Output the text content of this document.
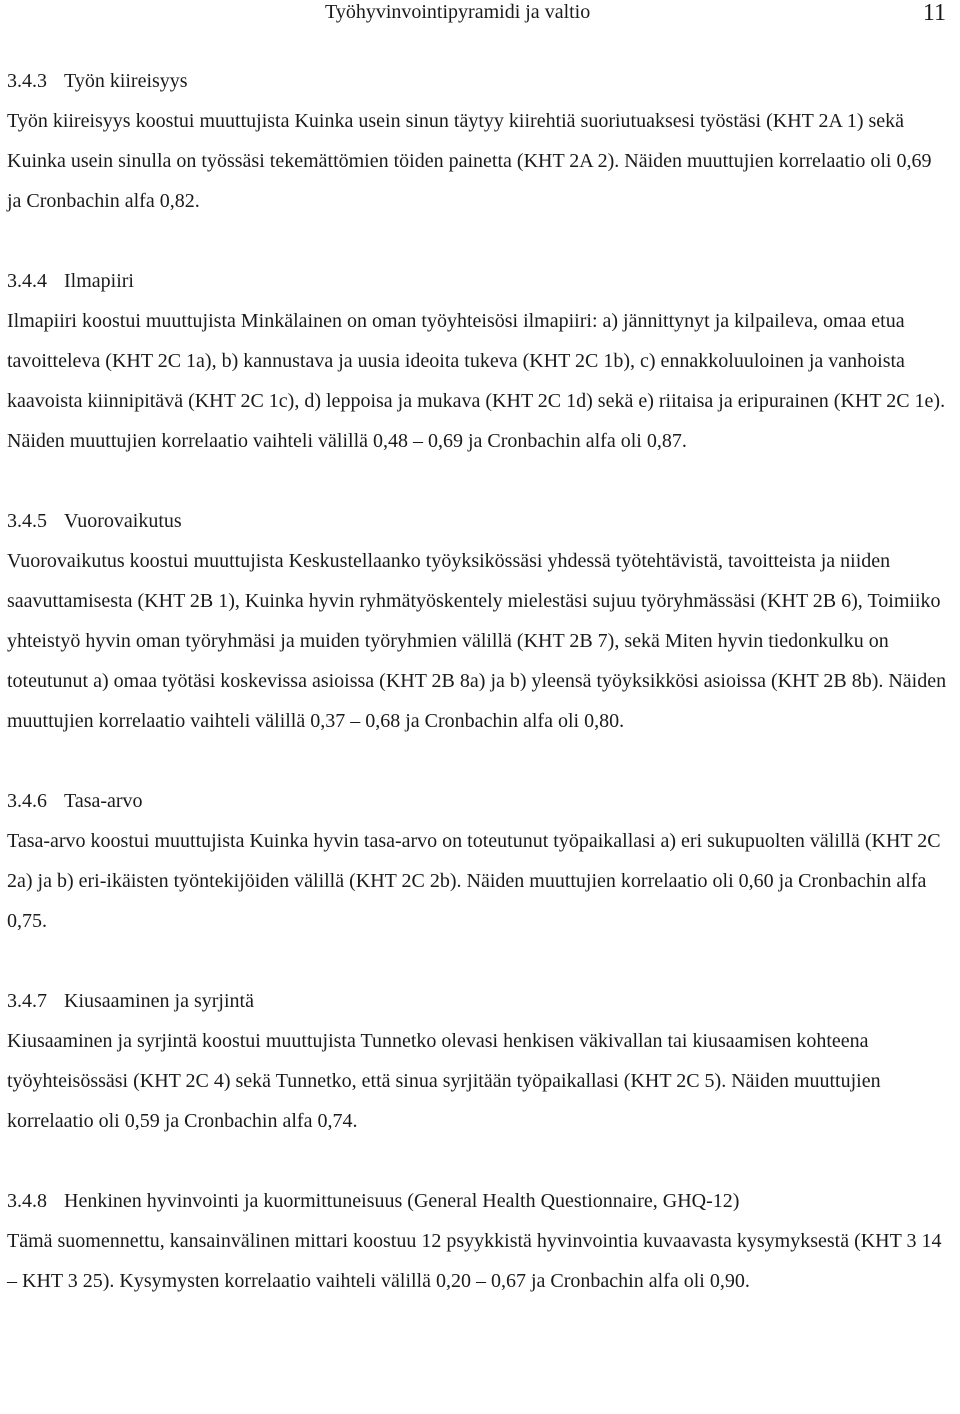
Työhyvinvointipyramidi ja valtio	11
3.4.3 Työn kiireisyys
Työn kiireisyys koostui muuttujista Kuinka usein sinun täytyy kiirehtiä suoriutuaksesi työstäsi (KHT 2A 1) sekä Kuinka usein sinulla on työssäsi tekemättömien töiden painetta (KHT 2A 2). Näiden muuttujien korrelaatio oli 0,69 ja Cronbachin alfa 0,82.
3.4.4 Ilmapiiri
Ilmapiiri koostui muuttujista Minkälainen on oman työyhteisösi ilmapiiri: a) jännittynyt ja kilpaileva, omaa etua tavoitteleva (KHT 2C 1a), b) kannustava ja uusia ideoita tukeva (KHT 2C 1b), c) ennakkoluuloinen ja vanhoista kaavoista kiinnipitävä (KHT 2C 1c), d) leppoisa ja mukava (KHT 2C 1d) sekä e) riitaisa ja eripurainen (KHT 2C 1e). Näiden muuttujien korrelaatio vaihteli välillä 0,48 – 0,69 ja Cronbachin alfa oli 0,87.
3.4.5 Vuorovaikutus
Vuorovaikutus koostui muuttujista Keskustellaanko työyksikössäsi yhdessä työtehtävistä, tavoitteista ja niiden saavuttamisesta (KHT 2B 1), Kuinka hyvin ryhmätyöskentely mielestäsi sujuu työryhmässäsi (KHT 2B 6), Toimiiko yhteistyö hyvin oman työryhmäsi ja muiden työryhmien välillä (KHT 2B 7), sekä Miten hyvin tiedonkulku on toteutunut a) omaa työtäsi koskevissa asioissa (KHT 2B 8a) ja b) yleensä työyksikkösi asioissa (KHT 2B 8b). Näiden muuttujien korrelaatio vaihteli välillä 0,37 – 0,68 ja Cronbachin alfa oli 0,80.
3.4.6 Tasa-arvo
Tasa-arvo koostui muuttujista Kuinka hyvin tasa-arvo on toteutunut työpaikallasi a) eri sukupuolten välillä (KHT 2C 2a) ja b) eri-ikäisten työntekijöiden välillä (KHT 2C 2b). Näiden muuttujien korrelaatio oli 0,60 ja Cronbachin alfa 0,75.
3.4.7 Kiusaaminen ja syrjintä
Kiusaaminen ja syrjintä koostui muuttujista Tunnetko olevasi henkisen väkivallan tai kiusaamisen kohteena työyhteisössäsi (KHT 2C 4) sekä Tunnetko, että sinua syrjitään työpaikallasi (KHT 2C 5). Näiden muuttujien korrelaatio oli 0,59 ja Cronbachin alfa 0,74.
3.4.8 Henkinen hyvinvointi ja kuormittuneisuus (General Health Questionnaire, GHQ-12)
Tämä suomennettu, kansainvälinen mittari koostuu 12 psyykkistä hyvinvointia kuvaavasta kysymyksestä (KHT 3 14 – KHT 3 25). Kysymysten korrelaatio vaihteli välillä 0,20 – 0,67 ja Cronbachin alfa oli 0,90.
